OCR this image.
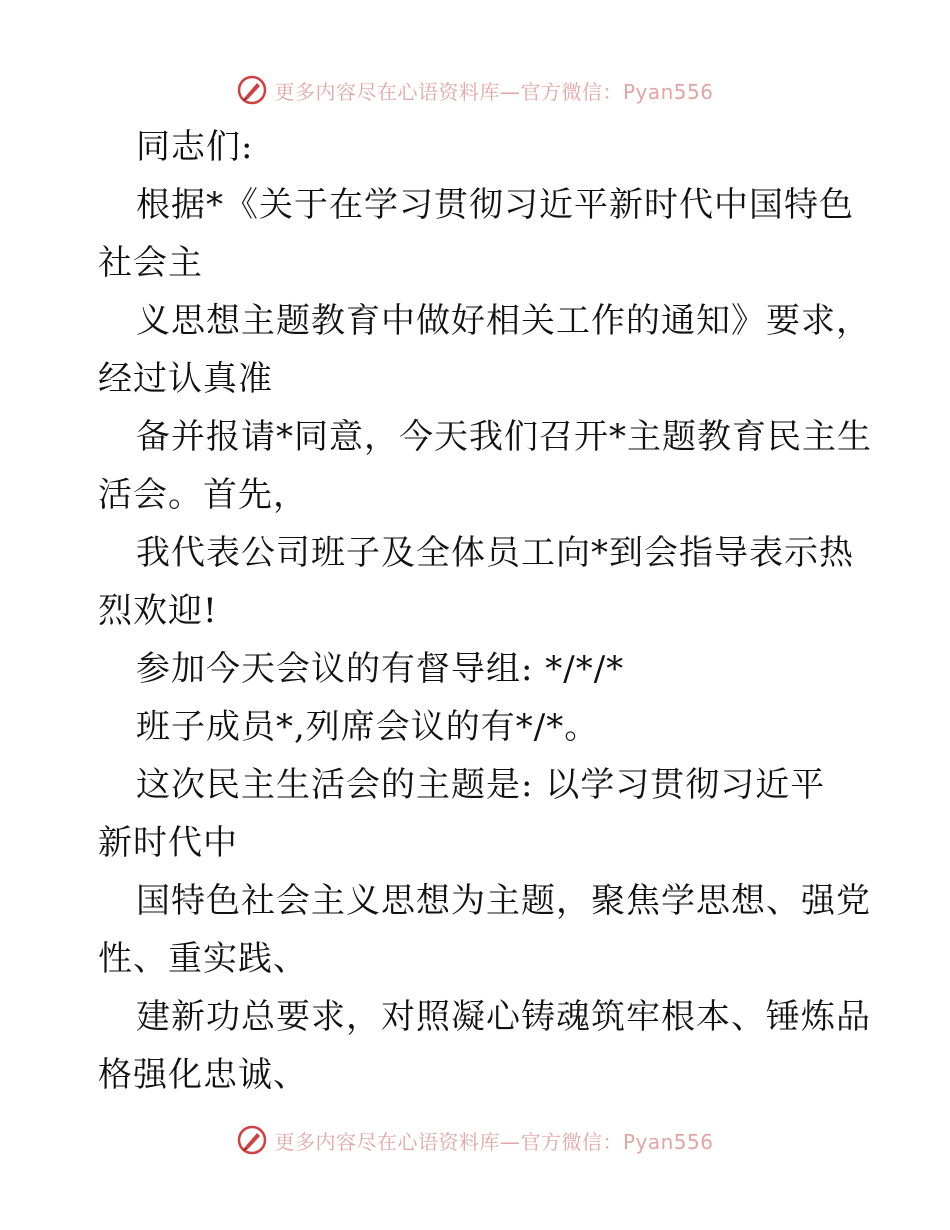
更多内容尽在心语资料库—官方微信：Pyan556
同志们:
根据*《关于在学习贯彻习近平新时代中国特色
社会主
义思想主题教育中做好相关工作的通知》要求，
经过认真准
备并报请*同意，今天我们召开*主题教育民主生
活会。首先，
我代表公司班子及全体员工向*到会指导表示热
烈欢迎!
参加今天会议的有督导组: */*/*
班子成员*,列席会议的有*/*。
这次民主生活会的主题是: 以学习贯彻习近平
新时代中
国特色社会主义思想为主题，聚焦学思想、强党
性、重实践、
建新功总要求，对照凝心铸魂筑牢根本、锤炼品
格强化忠诚、
更多内容尽在心语资料库—官方微信：Pyan556
